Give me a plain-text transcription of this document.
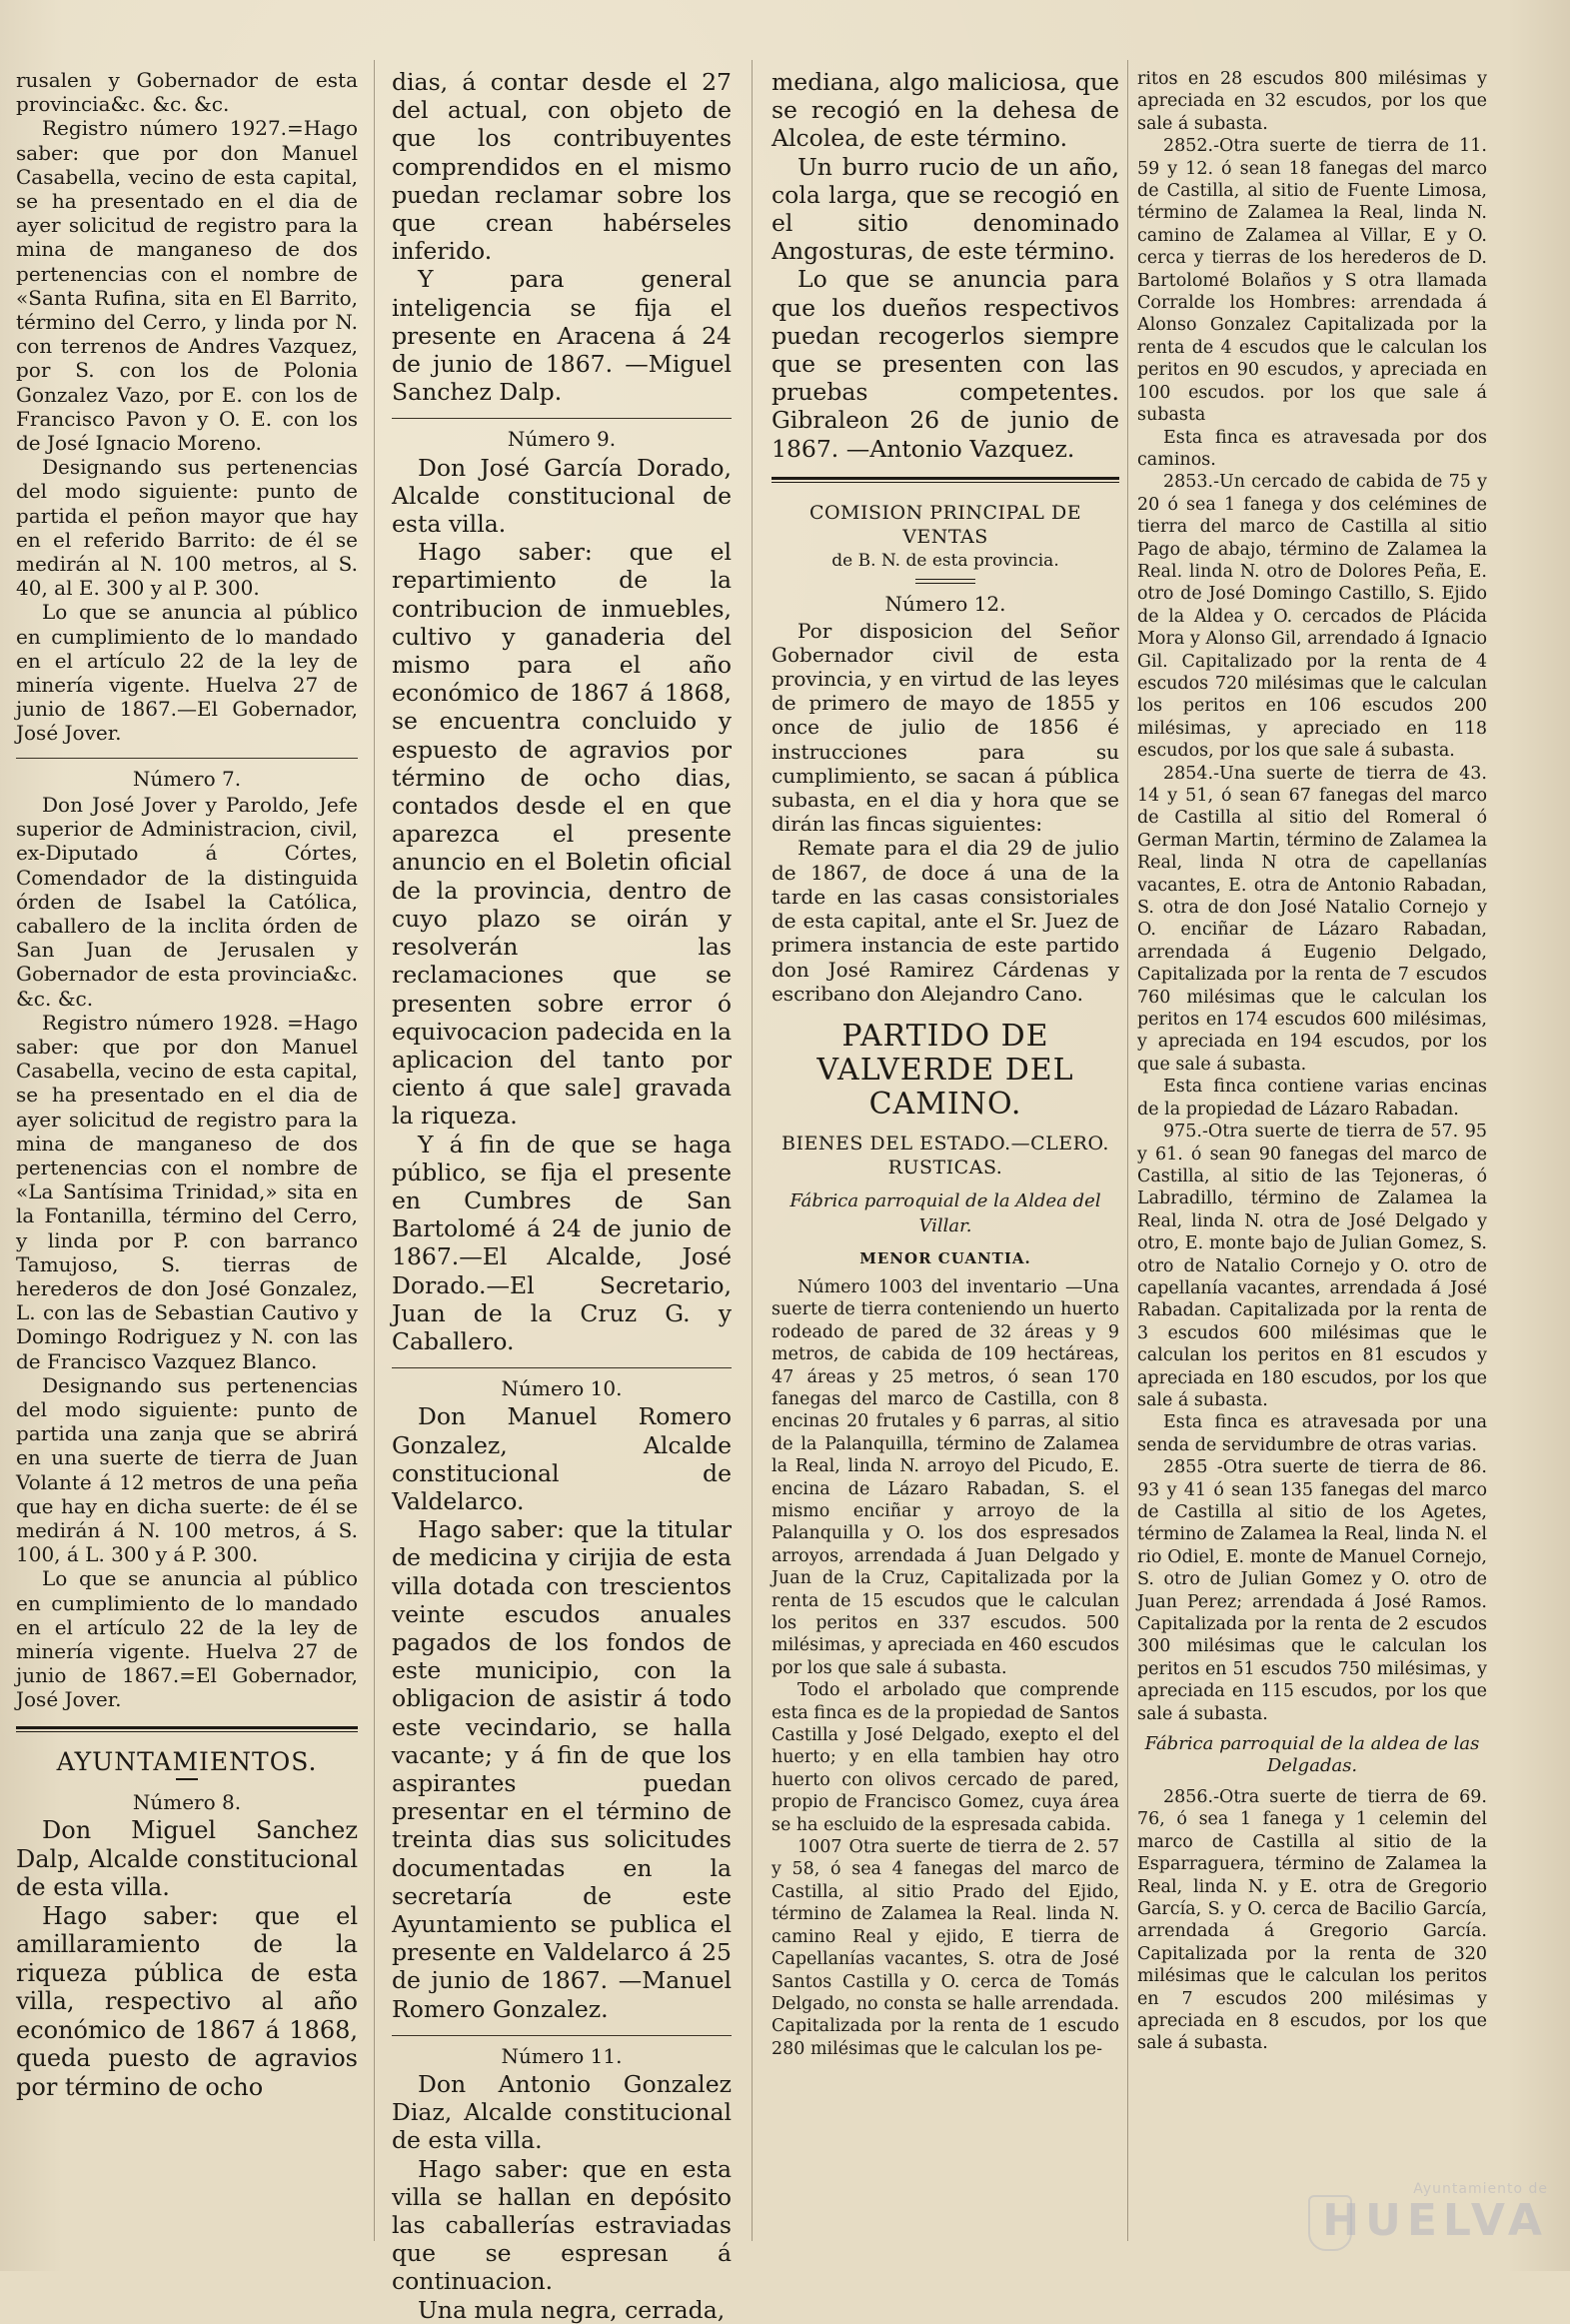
rusalen y Gobernador de esta provincia&c. &c. &c.

Registro número 1927.=Hago saber: que por don Manuel Casabella, vecino de esta capital, se ha presentado en el dia de ayer solicitud de registro para la mina de manganeso de dos pertenencias con el nombre de «Santa Rufina, sita en El Barrito, término del Cerro, y linda por N. con terrenos de Andres Vazquez, por S. con los de Polonia Gonzalez Vazo, por E. con los de Francisco Pavon y O. E. con los de José Ignacio Moreno.

Designando sus pertenencias del modo siguiente: punto de partida el peñon mayor que hay en el referido Barrito: de él se medirán al N. 100 metros, al S. 40, al E. 300 y al P. 300.

Lo que se anuncia al público en cumplimiento de lo mandado en el artículo 22 de la ley de minería vigente. Huelva 27 de junio de 1867.—El Gobernador, José Jover.

Número 7.

Don José Jover y Paroldo, Jefe superior de Administracion, civil, ex-Diputado á Córtes, Comendador de la distinguida órden de Isabel la Católica, caballero de la inclita órden de San Juan de Jerusalen y Gobernador de esta provincia&c. &c. &c.

Registro número 1928. =Hago saber: que por don Manuel Casabella, vecino de esta capital, se ha presentado en el dia de ayer solicitud de registro para la mina de manganeso de dos pertenencias con el nombre de «La Santísima Trinidad,» sita en la Fontanilla, término del Cerro, y linda por P. con barranco Tamujoso, S. tierras de herederos de don José Gonzalez, L. con las de Sebastian Cautivo y Domingo Rodriguez y N. con las de Francisco Vazquez Blanco.

Designando sus pertenencias del modo siguiente: punto de partida una zanja que se abrirá en una suerte de tierra de Juan Volante á 12 metros de una peña que hay en dicha suerte: de él se medirán á N. 100 metros, á S. 100, á L. 300 y á P. 300.

Lo que se anuncia al público en cumplimiento de lo mandado en el artículo 22 de la ley de minería vigente. Huelva 27 de junio de 1867.=El Gobernador, José Jover.

AYUNTAMIENTOS.

Número 8.

Don Miguel Sanchez Dalp, Alcalde constitucional de esta villa.

Hago saber: que el amillaramiento de la riqueza pública de esta villa, respectivo al año económico de 1867 á 1868, queda puesto de agravios por término de ocho

dias, á contar desde el 27 del actual, con objeto de que los contribuyentes comprendidos en el mismo puedan reclamar sobre los que crean habérseles inferido.

Y para general inteligencia se fija el presente en Aracena á 24 de junio de 1867. —Miguel Sanchez Dalp.

Número 9.

Don José García Dorado, Alcalde constitucional de esta villa.

Hago saber: que el repartimiento de la contribucion de inmuebles, cultivo y ganaderia del mismo para el año económico de 1867 á 1868, se encuentra concluido y espuesto de agravios por término de ocho dias, contados desde el en que aparezca el presente anuncio en el Boletin oficial de la provincia, dentro de cuyo plazo se oirán y resolverán las reclamaciones que se presenten sobre error ó equivocacion padecida en la aplicacion del tanto por ciento á que sale] gravada la riqueza.

Y á fin de que se haga público, se fija el presente en Cumbres de San Bartolomé á 24 de junio de 1867.—El Alcalde, José Dorado.—El Secretario, Juan de la Cruz G. y Caballero.

Número 10.

Don Manuel Romero Gonzalez, Alcalde constitucional de Valdelarco.

Hago saber: que la titular de medicina y cirijia de esta villa dotada con trescientos veinte escudos anuales pagados de los fondos de este municipio, con la obligacion de asistir á todo este vecindario, se halla vacante; y á fin de que los aspirantes puedan presentar en el término de treinta dias sus solicitudes documentadas en la secretaría de este Ayuntamiento se publica el presente en Valdelarco á 25 de junio de 1867. —Manuel Romero Gonzalez.

Número 11.

Don Antonio Gonzalez Diaz, Alcalde constitucional de esta villa.

Hago saber: que en esta villa se hallan en depósito las caballerías estraviadas que se espresan á continuacion.

Una mula negra, cerrada,

mediana, algo maliciosa, que se recogió en la dehesa de Alcolea, de este término.

Un burro rucio de un año, cola larga, que se recogió en el sitio denominado Angosturas, de este término.

Lo que se anuncia para que los dueños respectivos puedan recogerlos siempre que se presenten con las pruebas competentes. Gibraleon 26 de junio de 1867. —Antonio Vazquez.

COMISION PRINCIPAL DE VENTAS

de B. N. de esta provincia.

Número 12.

Por disposicion del Señor Gobernador civil de esta provincia, y en virtud de las leyes de primero de mayo de 1855 y once de julio de 1856 é instrucciones para su cumplimiento, se sacan á pública subasta, en el dia y hora que se dirán las fincas siguientes:

Remate para el dia 29 de julio de 1867, de doce á una de la tarde en las casas consistoriales de esta capital, ante el Sr. Juez de primera instancia de este partido don José Ramirez Cárdenas y escribano don Alejandro Cano.

PARTIDO DE VALVERDE DEL CAMINO.

BIENES DEL ESTADO.—CLERO. RUSTICAS.

Fábrica parroquial de la Aldea del Villar.

MENOR CUANTIA.

Número 1003 del inventario —Una suerte de tierra conteniendo un huerto rodeado de pared de 32 áreas y 9 metros, de cabida de 109 hectáreas, 47 áreas y 25 metros, ó sean 170 fanegas del marco de Castilla, con 8 encinas 20 frutales y 6 parras, al sitio de la Palanquilla, término de Zalamea la Real, linda N. arroyo del Picudo, E. encina de Lázaro Rabadan, S. el mismo enciñar y arroyo de la Palanquilla y O. los dos espresados arroyos, arrendada á Juan Delgado y Juan de la Cruz, Capitalizada por la renta de 15 escudos que le calculan los peritos en 337 escudos. 500 milésimas, y apreciada en 460 escudos por los que sale á subasta.

Todo el arbolado que comprende esta finca es de la propiedad de Santos Castilla y José Delgado, exepto el del huerto; y en ella tambien hay otro huerto con olivos cercado de pared, propio de Francisco Gomez, cuya área se ha escluido de la espresada cabida.

1007 Otra suerte de tierra de 2. 57 y 58, ó sea 4 fanegas del marco de Castilla, al sitio Prado del Ejido, término de Zalamea la Real. linda N. camino Real y ejido, E tierra de Capellanías vacantes, S. otra de José Santos Castilla y O. cerca de Tomás Delgado, no consta se halle arrendada. Capitalizada por la renta de 1 escudo 280 milésimas que le calculan los pe-

ritos en 28 escudos 800 milésimas y apreciada en 32 escudos, por los que sale á subasta.

2852.-Otra suerte de tierra de 11. 59 y 12. ó sean 18 fanegas del marco de Castilla, al sitio de Fuente Limosa, término de Zalamea la Real, linda N. camino de Zalamea al Villar, E y O. cerca y tierras de los herederos de D. Bartolomé Bolaños y S otra llamada Corralde los Hombres: arrendada á Alonso Gonzalez Capitalizada por la renta de 4 escudos que le calculan los peritos en 90 escudos, y apreciada en 100 escudos. por los que sale á subasta

Esta finca es atravesada por dos caminos.

2853.-Un cercado de cabida de 75 y 20 ó sea 1 fanega y dos celémines de tierra del marco de Castilla al sitio Pago de abajo, término de Zalamea la Real. linda N. otro de Dolores Peña, E. otro de José Domingo Castillo, S. Ejido de la Aldea y O. cercados de Plácida Mora y Alonso Gil, arrendado á Ignacio Gil. Capitalizado por la renta de 4 escudos 720 milésimas que le calculan los peritos en 106 escudos 200 milésimas, y apreciado en 118 escudos, por los que sale á subasta.

2854.-Una suerte de tierra de 43. 14 y 51, ó sean 67 fanegas del marco de Castilla al sitio del Romeral ó German Martin, término de Zalamea la Real, linda N otra de capellanías vacantes, E. otra de Antonio Rabadan, S. otra de don José Natalio Cornejo y O. enciñar de Lázaro Rabadan, arrendada á Eugenio Delgado, Capitalizada por la renta de 7 escudos 760 milésimas que le calculan los peritos en 174 escudos 600 milésimas, y apreciada en 194 escudos, por los que sale á subasta.

Esta finca contiene varias encinas de la propiedad de Lázaro Rabadan.

975.-Otra suerte de tierra de 57. 95 y 61. ó sean 90 fanegas del marco de Castilla, al sitio de las Tejoneras, ó Labradillo, término de Zalamea la Real, linda N. otra de José Delgado y otro, E. monte bajo de Julian Gomez, S. otro de Natalio Cornejo y O. otro de capellanía vacantes, arrendada á José Rabadan. Capitalizada por la renta de 3 escudos 600 milésimas que le calculan los peritos en 81 escudos y apreciada en 180 escudos, por los que sale á subasta.

Esta finca es atravesada por una senda de servidumbre de otras varias.

2855 -Otra suerte de tierra de 86. 93 y 41 ó sean 135 fanegas del marco de Castilla al sitio de los Agetes, término de Zalamea la Real, linda N. el rio Odiel, E. monte de Manuel Cornejo, S. otro de Julian Gomez y O. otro de Juan Perez; arrendada á José Ramos. Capitalizada por la renta de 2 escudos 300 milésimas que le calculan los peritos en 51 escudos 750 milésimas, y apreciada en 115 escudos, por los que sale á subasta.

Fábrica parroquial de la aldea de las Delgadas.

2856.-Otra suerte de tierra de 69. 76, ó sea 1 fanega y 1 celemin del marco de Castilla al sitio de la Esparraguera, término de Zalamea la Real, linda N. y E. otra de Gregorio García, S. y O. cerca de Bacilio García, arrendada á Gregorio García. Capitalizada por la renta de 320 milésimas que le calculan los peritos en 7 escudos 200 milésimas y apreciada en 8 escudos, por los que sale á subasta.

Ayuntamiento de
HUELVA
